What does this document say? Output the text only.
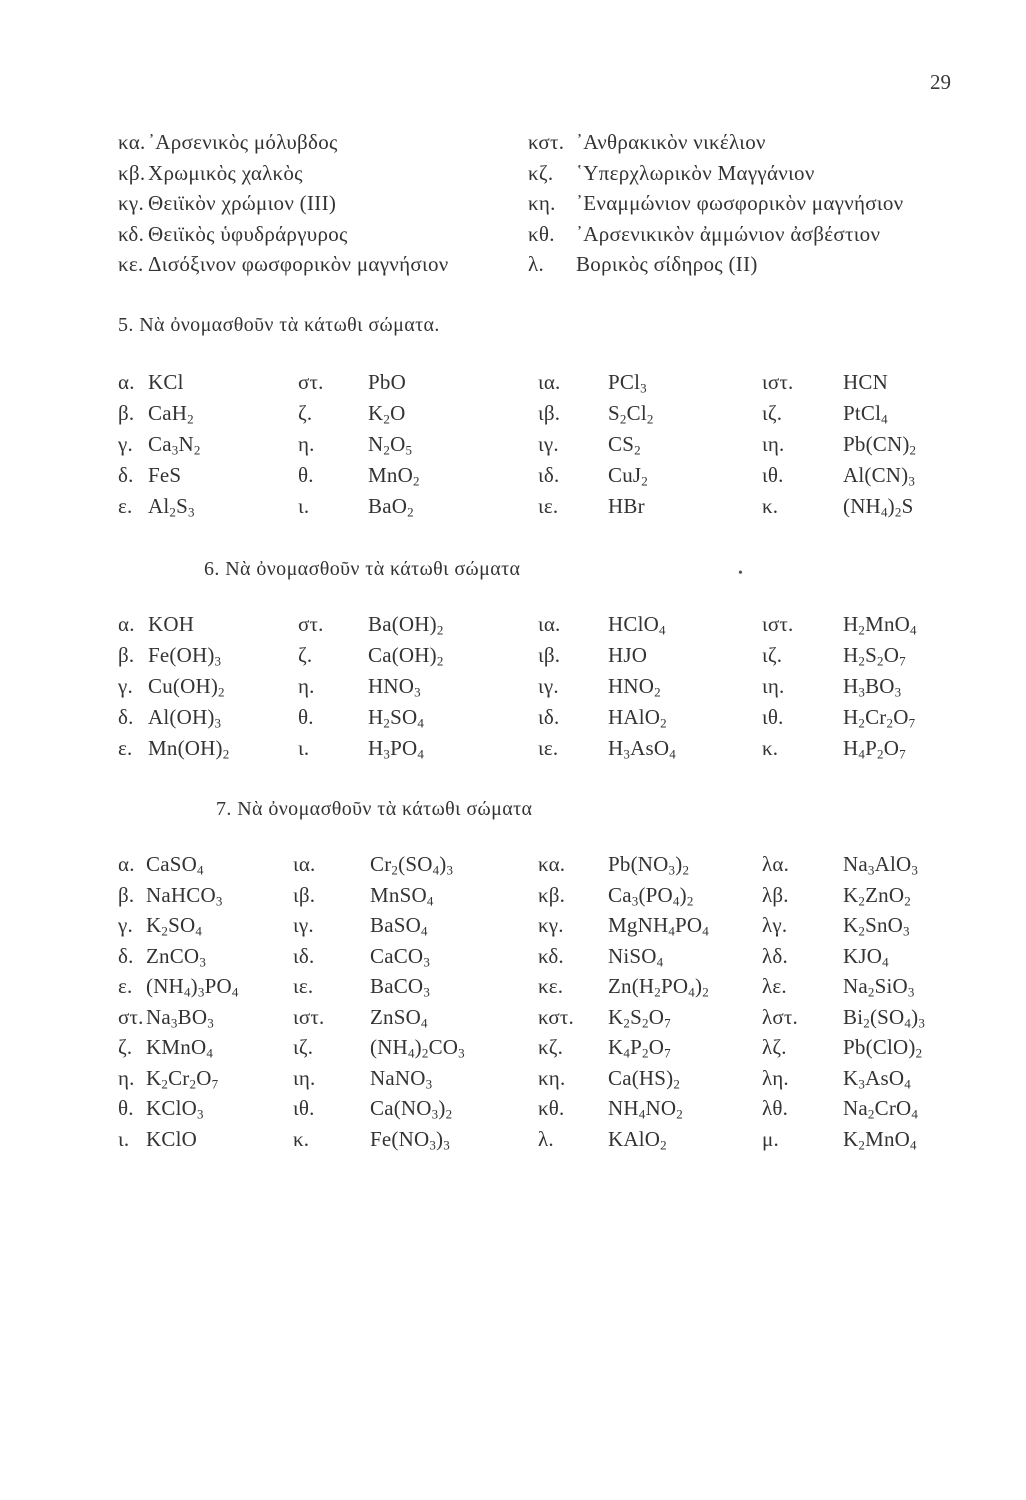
29
κα. ᾿Αρσενικὸς μόλυβδος	κστ. ᾿Ανθρακικὸν νικέλιον
κβ. Χρωμικὸς χαλκὸς	κζ. ῾Υπερχλωρικὸν Μαγγάνιον
κγ. Θειϊκὸν χρώμιον (III)	κη. ᾿Εναμμώνιον φωσφορικὸν μαγνήσιον
κδ. Θειϊκὸς ὑφυδράργυρος	κθ. ᾿Αρσενικικὸν ἀμμώνιον ἀσβέστιον
κε. Δισόξινον φωσφορικὸν μαγνήσιον	λ. Βορικὸς σίδηρος (II)
5. Νὰ ὀνομασθοῦν τὰ κάτωθι σώματα.
α. KCl	στ. PbO	ια. PCl$_3$	ιστ. HCN
β. CaH$_2$	ζ.	$K_2O$	ιβ. $S_2Cl_2$	ιζ.	PtCl$_4$
γ. $Ca_3N_2$	η.	$N_2O_5$	ιγ. $CS_2$	ιη.	$Pb(CN)_2$
δ. FeS	θ.	MnO$_2$	ιδ. CuJ$_2$	ιθ.	$Al(CN)_3$
ε. $Al_2S_3$	ι.	BaO$_2$	ιε. HBr	κ.	$(NH_4)_2S$
6. Νὰ ὀνομασθοῦν τὰ κάτωθι σώματα	•
α. KOH	στ. $Ba(OH)_2$	ια. HClO$_4$	ιστ. $H_2MnO_4$
β. $Fe(OH)_3$	ζ.	$Ca(OH)_2$	ιβ. HJO	ιζ.	$H_2S_2O_7$
γ. $Cu(OH)_2$	η.	$HNO_3$	ιγ. $HNO_2$	ιη.	$H_3BO_3$
δ. $Al(OH)_3$	θ.	$H_2SO_4$	ιδ. HAlO$_2$	ιθ.	$H_2Cr_2O_7$
ε. $Mn(OH)_2$	ι.	$H_3PO_4$	ιε. $H_3AsO_4$	κ.	$H_4P_2O_7$
7. Νὰ ὀνομασθοῦν τὰ κάτωθι σώματα
α. CaSO$_4$	ια.	$Cr_2(SO_4)_3$	κα. $Pb(NO_3)_2$	λα.	$Na_3AlO_3$
β. NaHCO$_3$	ιβ.	MnSO$_4$	κβ. $Ca_3(PO_4)_2$	λβ.	$K_2ZnO_2$
γ. $K_2SO_4$	ιγ.	BaSO$_4$	κγ. $MgNH_4PO_4$	λγ.	$K_2SnO_3$
δ. ZnCO$_3$	ιδ.	CaCO$_3$	κδ. NiSO$_4$	λδ.	$KJO_4$
ε. $(NH_4)_3PO_4$	ιε.	BaCO$_3$	κε. $Zn(H_2PO_4)_2$	λε.	$Na_2SiO_3$
στ. $Na_3BO_3$	ιστ. ZnSO$_4$	κστ. $K_2S_2O_7$	λστ. $Bi_2(SO_4)_3$
ζ. KMnO$_4$	ιζ.	$(NH_4)_2CO_3$	κζ. $K_4P_2O_7$	λζ.	$Pb(ClO)_2$
η. $K_2Cr_2O_7$	ιη.	NaNO$_3$	κη. $Ca(HS)_2$	λη.	$K_3AsO_4$
θ. KClO$_3$	ιθ.	$Ca(NO_3)_2$	κθ. $NH_4NO_2$	λθ.	$Na_2CrO_4$
ι. KClO	κ.	$Fe(NO_3)_3$	λ.	KAlO$_2$	μ.	$K_2MnO_4$
